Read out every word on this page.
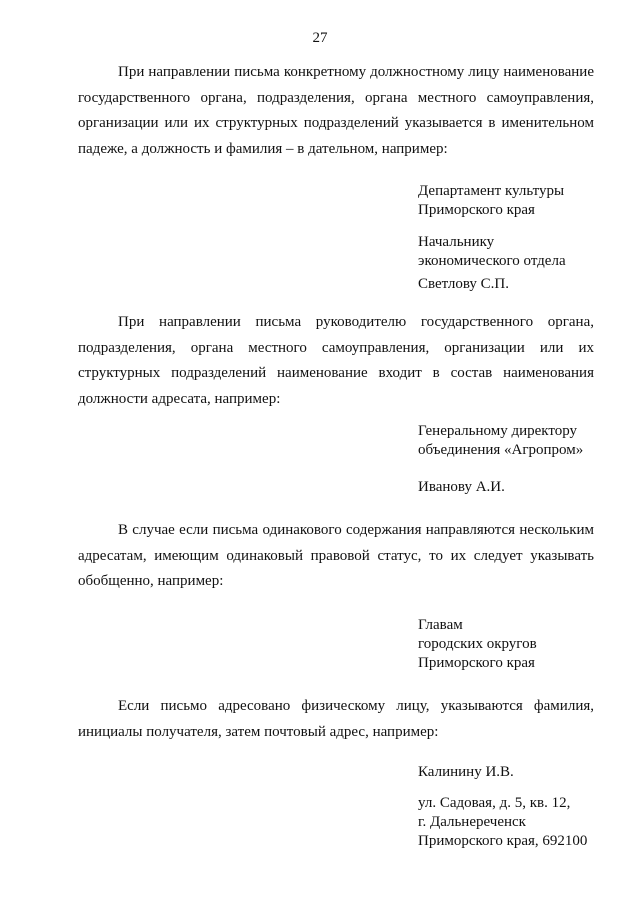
27
При направлении письма конкретному должностному лицу наименование
государственного органа, подразделения, органа местного самоуправления,
организации или их структурных подразделений указывается в именительном
падеже, а должность и фамилия – в дательном, например:
Департамент культуры
Приморского края
Начальнику
экономического отдела
Светлову С.П.
При направлении письма руководителю государственного органа,
подразделения, органа местного самоуправления, организации или их
структурных подразделений наименование входит в состав наименования
должности адресата, например:
Генеральному директору
объединения «Агропром»
Иванову А.И.
В случае если письма одинакового содержания направляются нескольким
адресатам, имеющим одинаковый правовой статус, то их следует указывать
обобщенно, например:
Главам
городских округов
Приморского края
Если письмо адресовано физическому лицу, указываются фамилия,
инициалы получателя, затем почтовый адрес, например:
Калинину И.В.
ул. Садовая, д. 5, кв. 12,
г. Дальнереченск
Приморского края, 692100
